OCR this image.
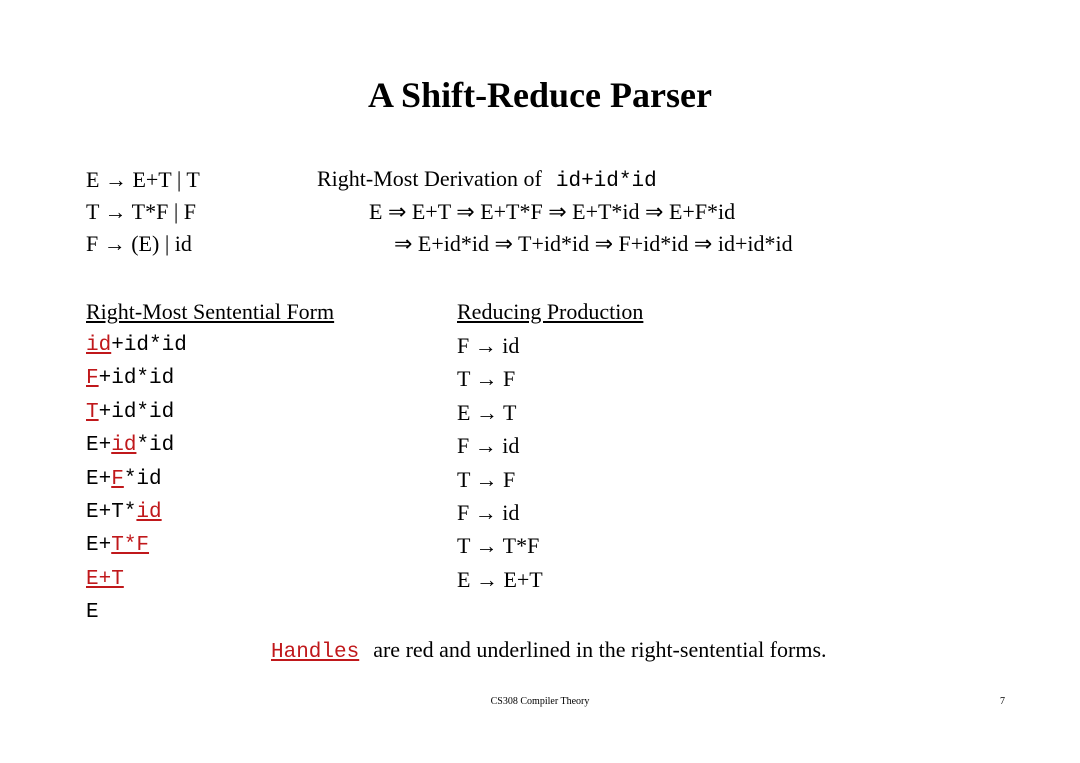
A Shift-Reduce Parser
E → E+T | T
T → T*F | F
F → (E) | id
Right-Most Derivation of id+id*id
E ⇒ E+T ⇒ E+T*F ⇒ E+T*id ⇒ E+F*id
⇒ E+id*id ⇒ T+id*id ⇒ F+id*id ⇒ id+id*id
Right-Most Sentential Form	Reducing Production
id+id*id	F → id
F+id*id	T → F
T+id*id	E → T
E+id*id	F → id
E+F*id	T → F
E+T*id	F → id
E+T*F	T → T*F
E+T	E → E+T
E
Handles are red and underlined in the right-sentential forms.
CS308 Compiler Theory	7
